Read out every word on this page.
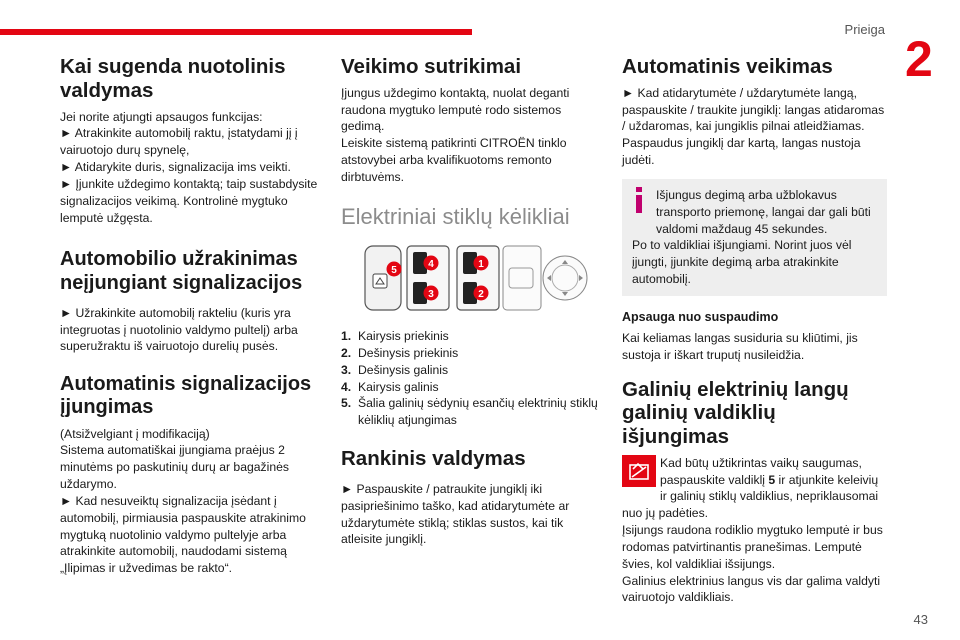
Prieiga
2
43
Kai sugenda nuotolinis valdymas
Jei norite atjungti apsaugos funkcijas:
► Atrakinkite automobilį raktu, įstatydami jį į vairuotojo durų spynelę,
► Atidarykite duris, signalizacija ims veikti.
► Įjunkite uždegimo kontaktą; taip sustabdysite signalizacijos veikimą. Kontrolinė mygtuko lemputė užgęsta.
Automobilio užrakinimas neįjungiant signalizacijos
► Užrakinkite automobilį rakteliu (kuris yra integruotas į nuotolinio valdymo pultelį) arba superužraktu iš vairuotojo durelių pusės.
Automatinis signalizacijos įjungimas
(Atsižvelgiant į modifikaciją)
Sistema automatiškai įjungiama praėjus 2 minutėms po paskutinių durų ar bagažinės uždarymo.
► Kad nesuveiktų signalizacija įsėdant į automobilį, pirmiausia paspauskite atrakinimo mygtuką nuotolinio valdymo pultelyje arba atrakinkite automobilį, naudodami sistemą „Įlipimas ir užvedimas be rakto“.
Veikimo sutrikimai
Įjungus uždegimo kontaktą, nuolat deganti raudona mygtuko lemputė rodo sistemos gedimą.
Leiskite sistemą patikrinti CITROËN tinklo atstovybei arba kvalifikuotoms remonto dirbtuvėms.
Elektriniai stiklų kėlikliai
1
2
3
4
5
1. Kairysis priekinis
2. Dešinysis priekinis
3. Dešinysis galinis
4. Kairysis galinis
5. Šalia galinių sėdynių esančių elektrinių stiklų kėliklių atjungimas
Rankinis valdymas
► Paspauskite / patraukite jungiklį iki pasipriešinimo taško, kad atidarytumėte ar uždarytumėte stiklą; stiklas sustos, kai tik atleisite jungiklį.
Automatinis veikimas
► Kad atidarytumėte / uždarytumėte langą, paspauskite / traukite jungiklį: langas atidaromas / uždaromas, kai jungiklis pilnai atleidžiamas. Paspaudus jungiklį dar kartą, langas nustoja judėti.
Išjungus degimą arba užblokavus transporto priemonę, langai dar gali būti valdomi maždaug 45 sekundes.
Po to valdikliai išjungiami. Norint juos vėl įjungti, įjunkite degimą arba atrakinkite automobilį.
Apsauga nuo suspaudimo
Kai keliamas langas susiduria su kliūtimi, jis sustoja ir iškart truputį nusileidžia.
Galinių elektrinių langų galinių valdiklių išjungimas
Kad būtų užtikrintas vaikų saugumas, paspauskite valdiklį 5 ir atjunkite keleivių ir galinių stiklų valdiklius, nepriklausomai nuo jų padėties.
Įsijungs raudona rodiklio mygtuko lemputė ir bus rodomas patvirtinantis pranešimas. Lemputė švies, kol valdikliai išsijungs.
Galinius elektrinius langus vis dar galima valdyti vairuotojo valdikliais.
